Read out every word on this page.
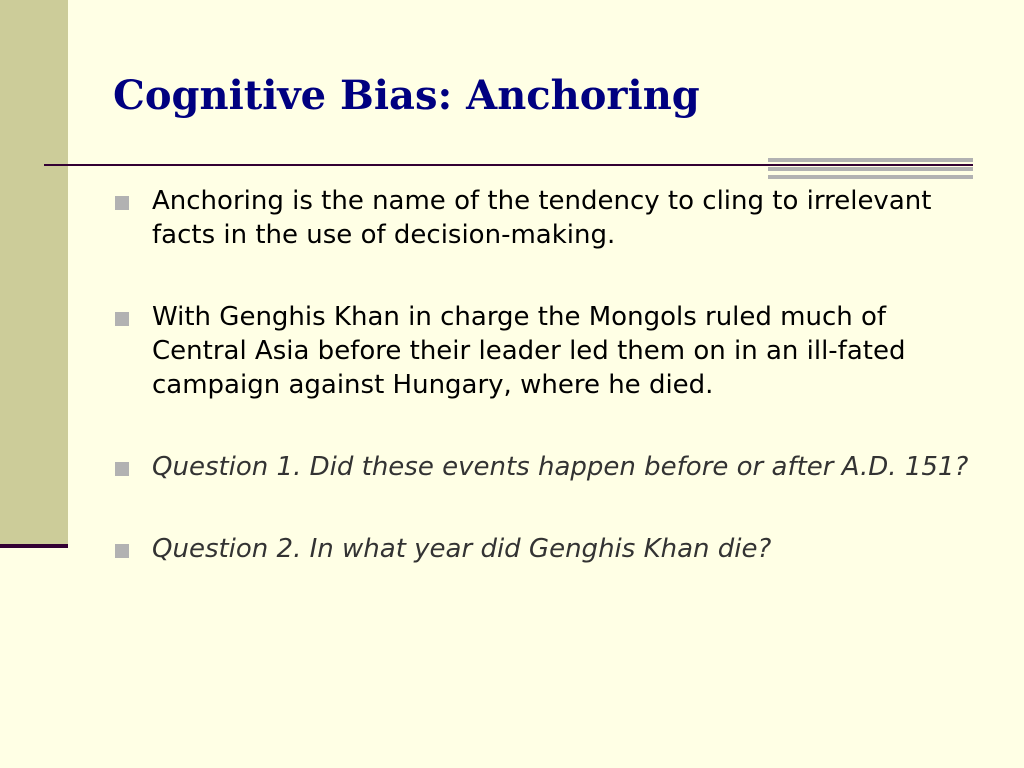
Cognitive Bias: Anchoring
Anchoring is the name of the tendency to cling to irrelevant facts in the use of decision-making.
With Genghis Khan in charge the Mongols ruled much of Central Asia before their leader led them on in an ill-fated campaign against Hungary, where he died.
Question 1. Did these events happen before or after A.D. 151?
Question 2. In what year did Genghis Khan die?
